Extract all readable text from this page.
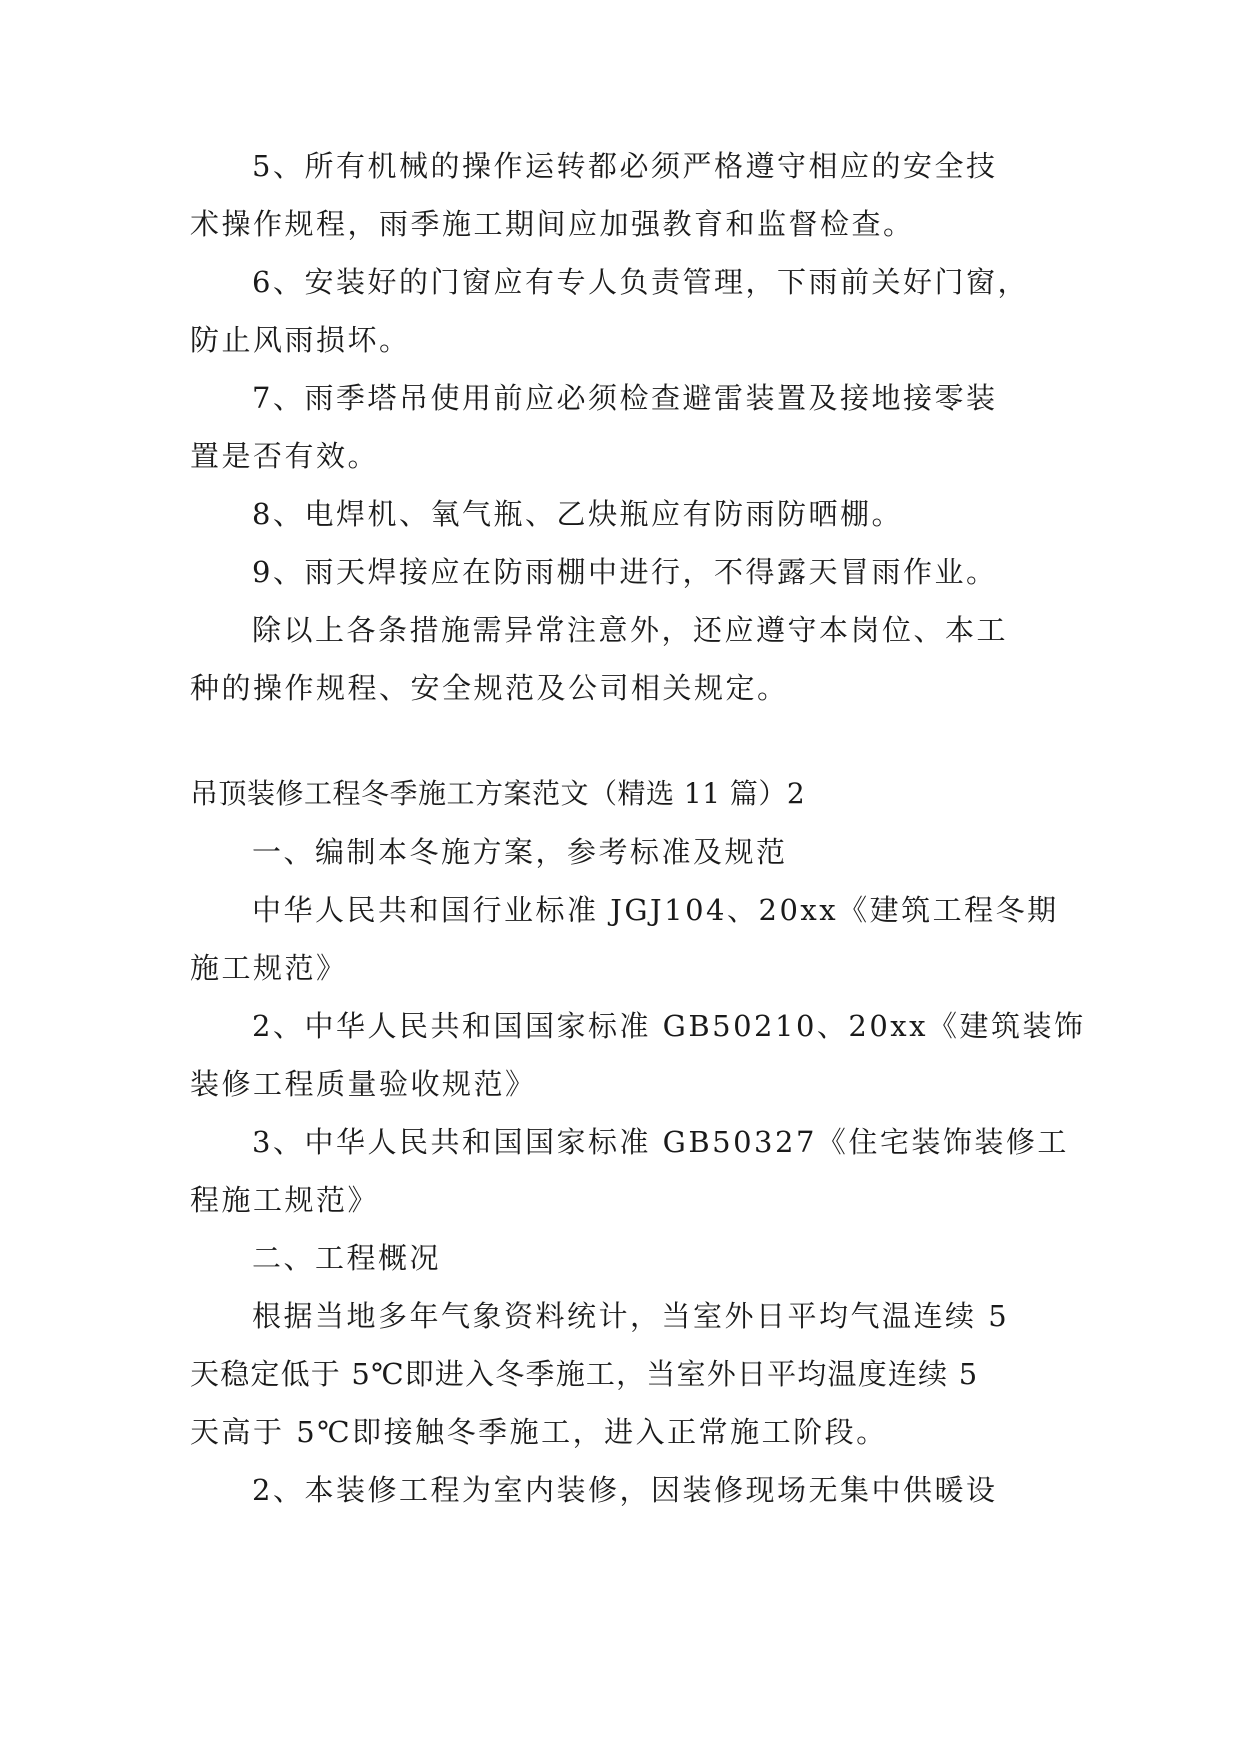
5、所有机械的操作运转都必须严格遵守相应的安全技
术操作规程，雨季施工期间应加强教育和监督检查。
6、安装好的门窗应有专人负责管理，下雨前关好门窗，
防止风雨损坏。
7、雨季塔吊使用前应必须检查避雷装置及接地接零装
置是否有效。
8、电焊机、氧气瓶、乙炔瓶应有防雨防晒棚。
9、雨天焊接应在防雨棚中进行，不得露天冒雨作业。
除以上各条措施需异常注意外，还应遵守本岗位、本工
种的操作规程、安全规范及公司相关规定。
吊顶装修工程冬季施工方案范文（精选 11 篇）2
一、编制本冬施方案，参考标准及规范
中华人民共和国行业标准 JGJ104、20xx《建筑工程冬期
施工规范》
2、中华人民共和国国家标准 GB50210、20xx《建筑装饰
装修工程质量验收规范》
3、中华人民共和国国家标准 GB50327《住宅装饰装修工
程施工规范》
二、工程概况
根据当地多年气象资料统计，当室外日平均气温连续 5
天稳定低于 5℃即进入冬季施工，当室外日平均温度连续 5
天高于 5℃即接触冬季施工，进入正常施工阶段。
2、本装修工程为室内装修，因装修现场无集中供暖设
